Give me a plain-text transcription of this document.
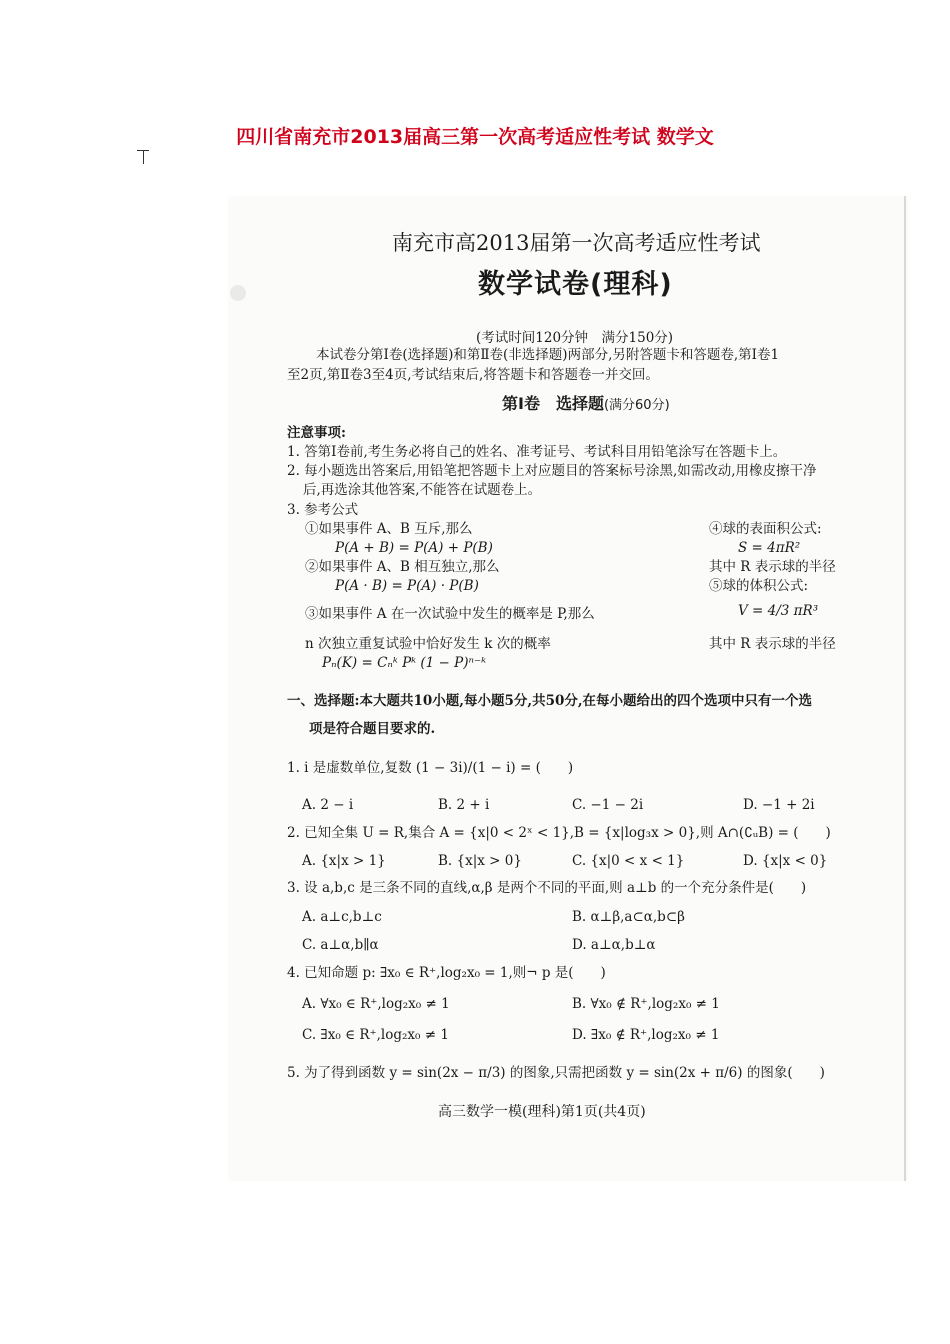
四川省南充市2013届高三第一次高考适应性考试 数学文
南充市高2013届第一次高考适应性考试
数学试卷(理科)
(考试时间120分钟　满分150分)
本试卷分第Ⅰ卷(选择题)和第Ⅱ卷(非选择题)两部分,另附答题卡和答题卷,第Ⅰ卷1
至2页,第Ⅱ卷3至4页,考试结束后,将答题卡和答题卷一并交回。
第Ⅰ卷　选择题(满分60分)
注意事项:
1. 答第Ⅰ卷前,考生务必将自己的姓名、准考证号、考试科目用铅笔涂写在答题卡上。
2. 每小题选出答案后,用铅笔把答题卡上对应题目的答案标号涂黑,如需改动,用橡皮擦干净
后,再选涂其他答案,不能答在试题卷上。
3. 参考公式
①如果事件 A、B 互斥,那么
P(A + B) = P(A) + P(B)
②如果事件 A、B 相互独立,那么
P(A · B) = P(A) · P(B)
③如果事件 A 在一次试验中发生的概率是 P,那么
n 次独立重复试验中恰好发生 k 次的概率
Pₙ(K) = Cₙᵏ Pᵏ (1 − P)ⁿ⁻ᵏ
④球的表面积公式:
S = 4πR²
其中 R 表示球的半径
⑤球的体积公式:
V = 4/3 πR³
其中 R 表示球的半径
一、选择题:本大题共10小题,每小题5分,共50分,在每小题给出的四个选项中只有一个选
项是符合题目要求的.
1. i 是虚数单位,复数 (1 − 3i)/(1 − i) = (　　)
A. 2 − i	B. 2 + i	C. −1 − 2i	D. −1 + 2i
2. 已知全集 U = R,集合 A = {x|0 < 2ˣ < 1},B = {x|log₃x > 0},则 A∩(∁ᵤB) = (　　)
A. {x|x > 1}	B. {x|x > 0}	C. {x|0 < x < 1}	D. {x|x < 0}
3. 设 a,b,c 是三条不同的直线,α,β 是两个不同的平面,则 a⊥b 的一个充分条件是(　　)
A. a⊥c,b⊥c	B. α⊥β,a⊂α,b⊂β
C. a⊥α,b∥α	D. a⊥α,b⊥α
4. 已知命题 p: ∃x₀ ∈ R⁺,log₂x₀ = 1,则¬ p 是(　　)
A. ∀x₀ ∈ R⁺,log₂x₀ ≠ 1	B. ∀x₀ ∉ R⁺,log₂x₀ ≠ 1
C. ∃x₀ ∈ R⁺,log₂x₀ ≠ 1	D. ∃x₀ ∉ R⁺,log₂x₀ ≠ 1
5. 为了得到函数 y = sin(2x − π/3) 的图象,只需把函数 y = sin(2x + π/6) 的图象(　　)
高三数学一模(理科)第1页(共4页)
